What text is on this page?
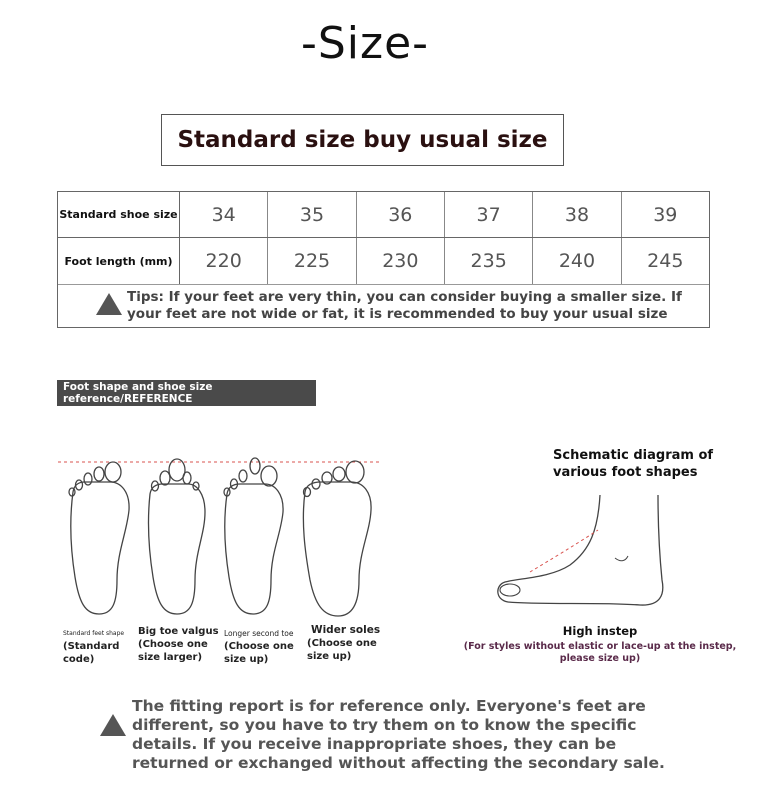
-Size-
Standard size buy usual size
Standard shoe size	34	35	36	37	38	39
Foot length (mm)	220	225	230	235	240	245
Tips: If your feet are very thin, you can consider buying a smaller size. If your feet are not wide or fat, it is recommended to buy your usual size
Foot shape and shoe size reference/REFERENCE
Standard feet shape
(Standard code)
Big toe valgus
(Choose one size larger)
Longer second toe
(Choose one size up)
Wider soles
(Choose one size up)
Schematic diagram of various foot shapes
High instep
(For styles without elastic or lace-up at the instep, please size up)
The fitting report is for reference only. Everyone's feet are different, so you have to try them on to know the specific details. If you receive inappropriate shoes, they can be returned or exchanged without affecting the secondary sale.
